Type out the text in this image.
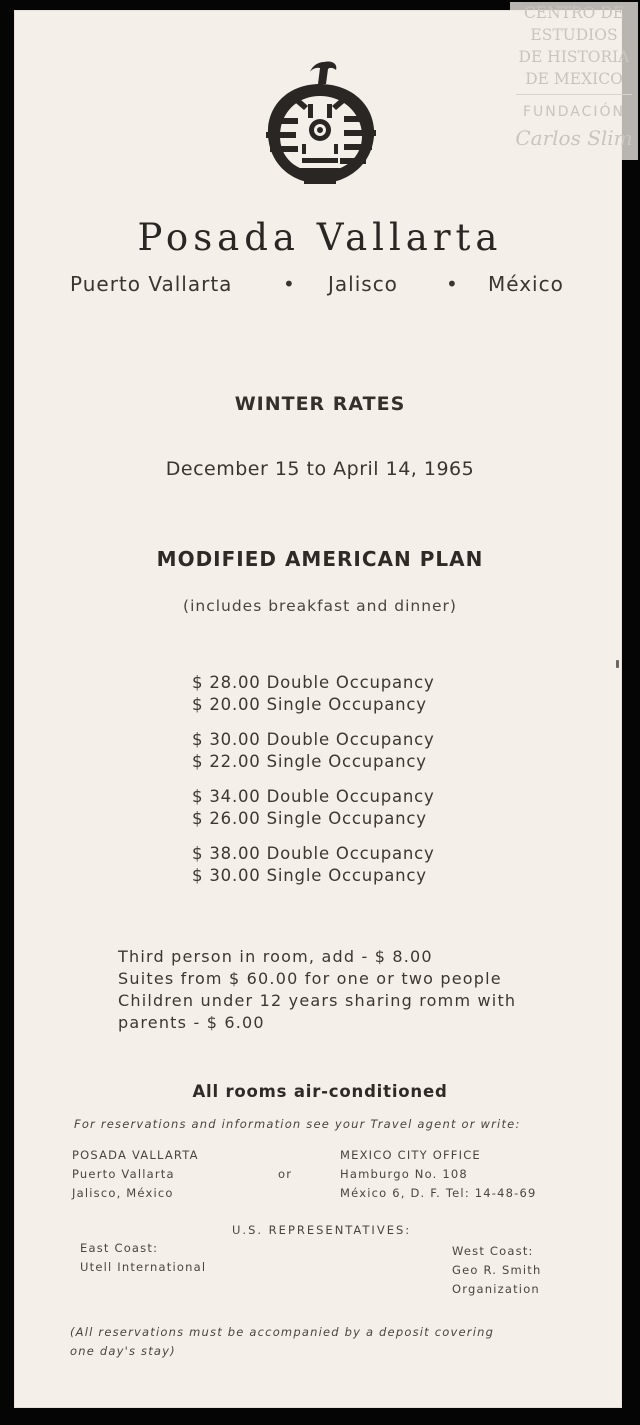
CENTRO DE
ESTUDIOS
DE HISTORIA
DE MEXICO
FUNDACIÓN
Carlos Slim
Posada Vallarta
Puerto Vallarta	• Jalisco • México
WINTER RATES
December 15 to April 14, 1965
MODIFIED AMERICAN PLAN
(includes breakfast and dinner)
$ 28.00 Double Occupancy
$ 20.00 Single Occupancy
$ 30.00 Double Occupancy
$ 22.00 Single Occupancy
$ 34.00 Double Occupancy
$ 26.00 Single Occupancy
$ 38.00 Double Occupancy
$ 30.00 Single Occupancy
Third person in room, add - $ 8.00
Suites from $ 60.00 for one or two people
Children under 12 years sharing romm with
parents - $ 6.00
All rooms air-conditioned
For reservations and information see your Travel agent or write:
POSADA VALLARTA
Puerto Vallarta
Jalisco, México
or
MEXICO CITY OFFICE
Hamburgo No. 108
México 6, D. F. Tel: 14-48-69
U.S. REPRESENTATIVES:
East Coast:
Utell International
West Coast:
Geo R. Smith
Organization
(All reservations must be accompanied by a deposit covering
one day's stay)
